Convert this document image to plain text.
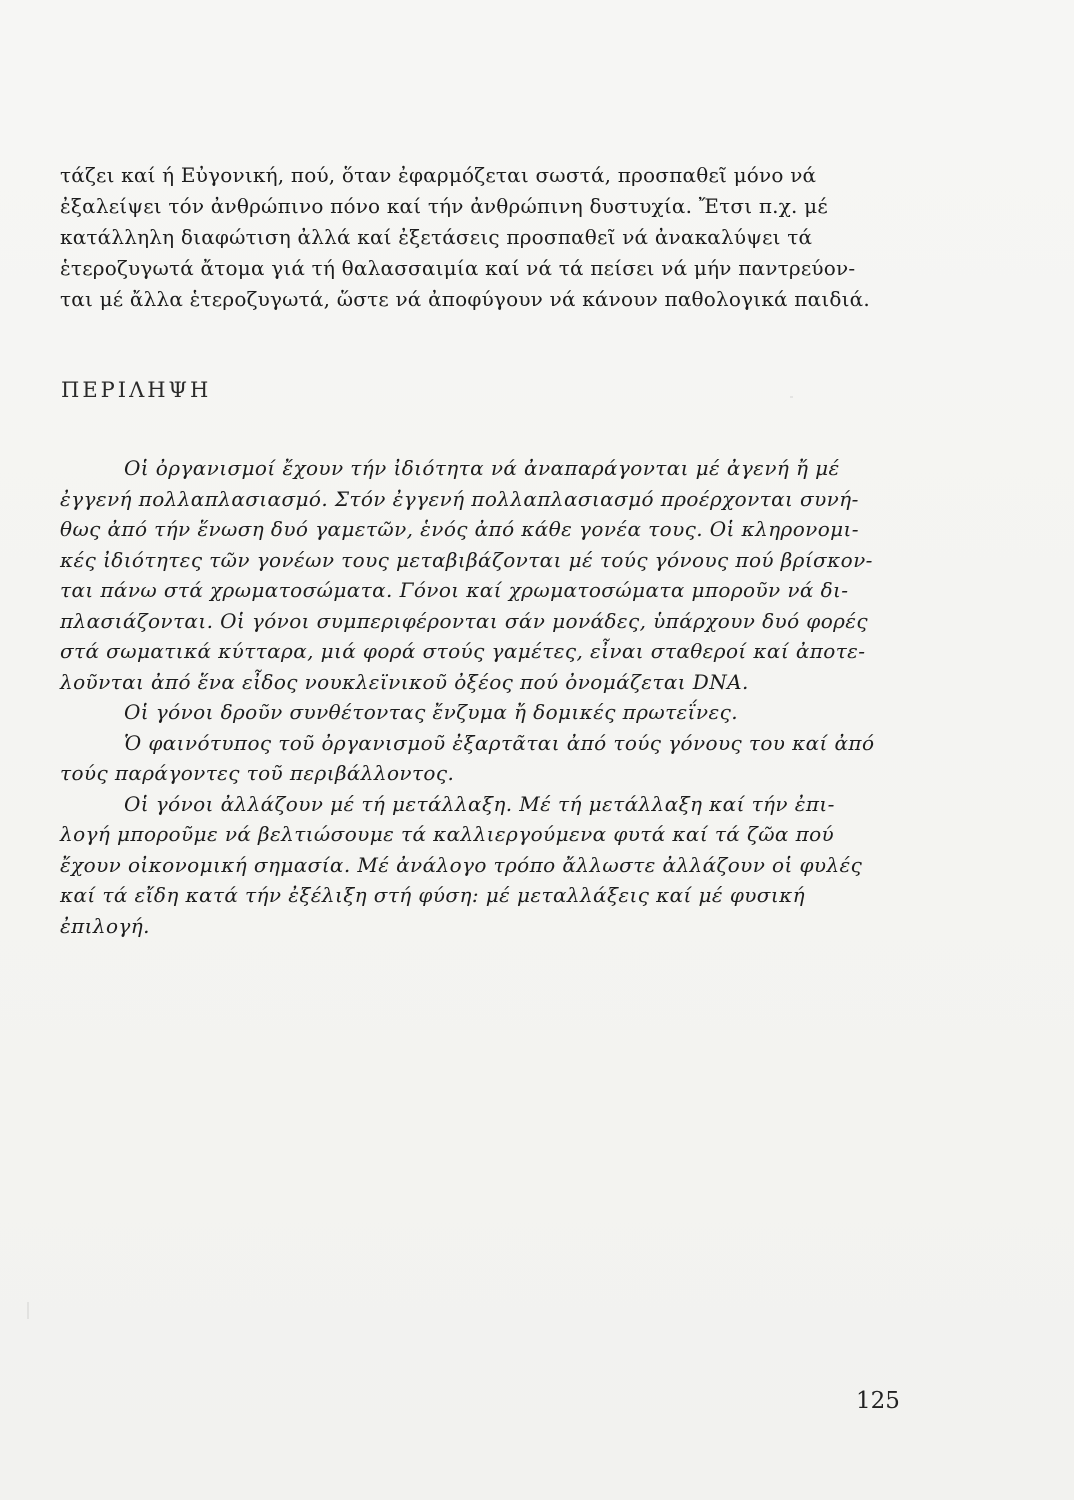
τάζει καί ή Εὐγονική, πού, ὅταν ἐφαρμόζεται σωστά, προσπαθεῖ μόνο νά
ἐξαλείψει τόν ἀνθρώπινο πόνο καί τήν ἀνθρώπινη δυστυχία. Ἔτσι π.χ. μέ
κατάλληλη διαφώτιση ἀλλά καί ἐξετάσεις προσπαθεῖ νά ἀνακαλύψει τά
ἑτεροζυγωτά ἄτομα γιά τή θαλασσαιμία καί νά τά πείσει νά μήν παντρεύον-
ται μέ ἄλλα ἑτεροζυγωτά, ὥστε νά ἀποφύγουν νά κάνουν παθολογικά παιδιά.
ΠΕΡΙΛΗΨΗ
Οἱ ὀργανισμοί ἔχουν τήν ἰδιότητα νά ἀναπαράγονται μέ ἀγενή ἤ μέ
ἐγγενή πολλαπλασιασμό. Στόν ἐγγενή πολλαπλασιασμό προέρχονται συνή-
θως ἀπό τήν ἕνωση δυό γαμετῶν, ἑνός ἀπό κάθε γονέα τους. Οἱ κληρονομι-
κές ἰδιότητες τῶν γονέων τους μεταβιβάζονται μέ τούς γόνους πού βρίσκον-
ται πάνω στά χρωματοσώματα. Γόνοι καί χρωματοσώματα μποροῦν νά δι-
πλασιάζονται. Οἱ γόνοι συμπεριφέρονται σάν μονάδες, ὑπάρχουν δυό φορές
στά σωματικά κύτταρα, μιά φορά στούς γαμέτες, εἶναι σταθεροί καί ἀποτε-
λοῦνται ἀπό ἕνα εἶδος νουκλεϊνικοῦ ὀξέος πού ὀνομάζεται DNA.
Οἱ γόνοι δροῦν συνθέτοντας ἔνζυμα ἤ δομικές πρωτεΐνες.
Ὁ φαινότυπος τοῦ ὀργανισμοῦ ἐξαρτᾶται ἀπό τούς γόνους του καί ἀπό
τούς παράγοντες τοῦ περιβάλλοντος.
Οἱ γόνοι ἀλλάζουν μέ τή μετάλλαξη. Μέ τή μετάλλαξη καί τήν ἐπι-
λογή μποροῦμε νά βελτιώσουμε τά καλλιεργούμενα φυτά καί τά ζῶα πού
ἔχουν οἰκονομική σημασία. Μέ ἀνάλογο τρόπο ἄλλωστε ἀλλάζουν οἱ φυλές
καί τά εἴδη κατά τήν ἐξέλιξη στή φύση: μέ μεταλλάξεις καί μέ φυσική
ἐπιλογή.

125
